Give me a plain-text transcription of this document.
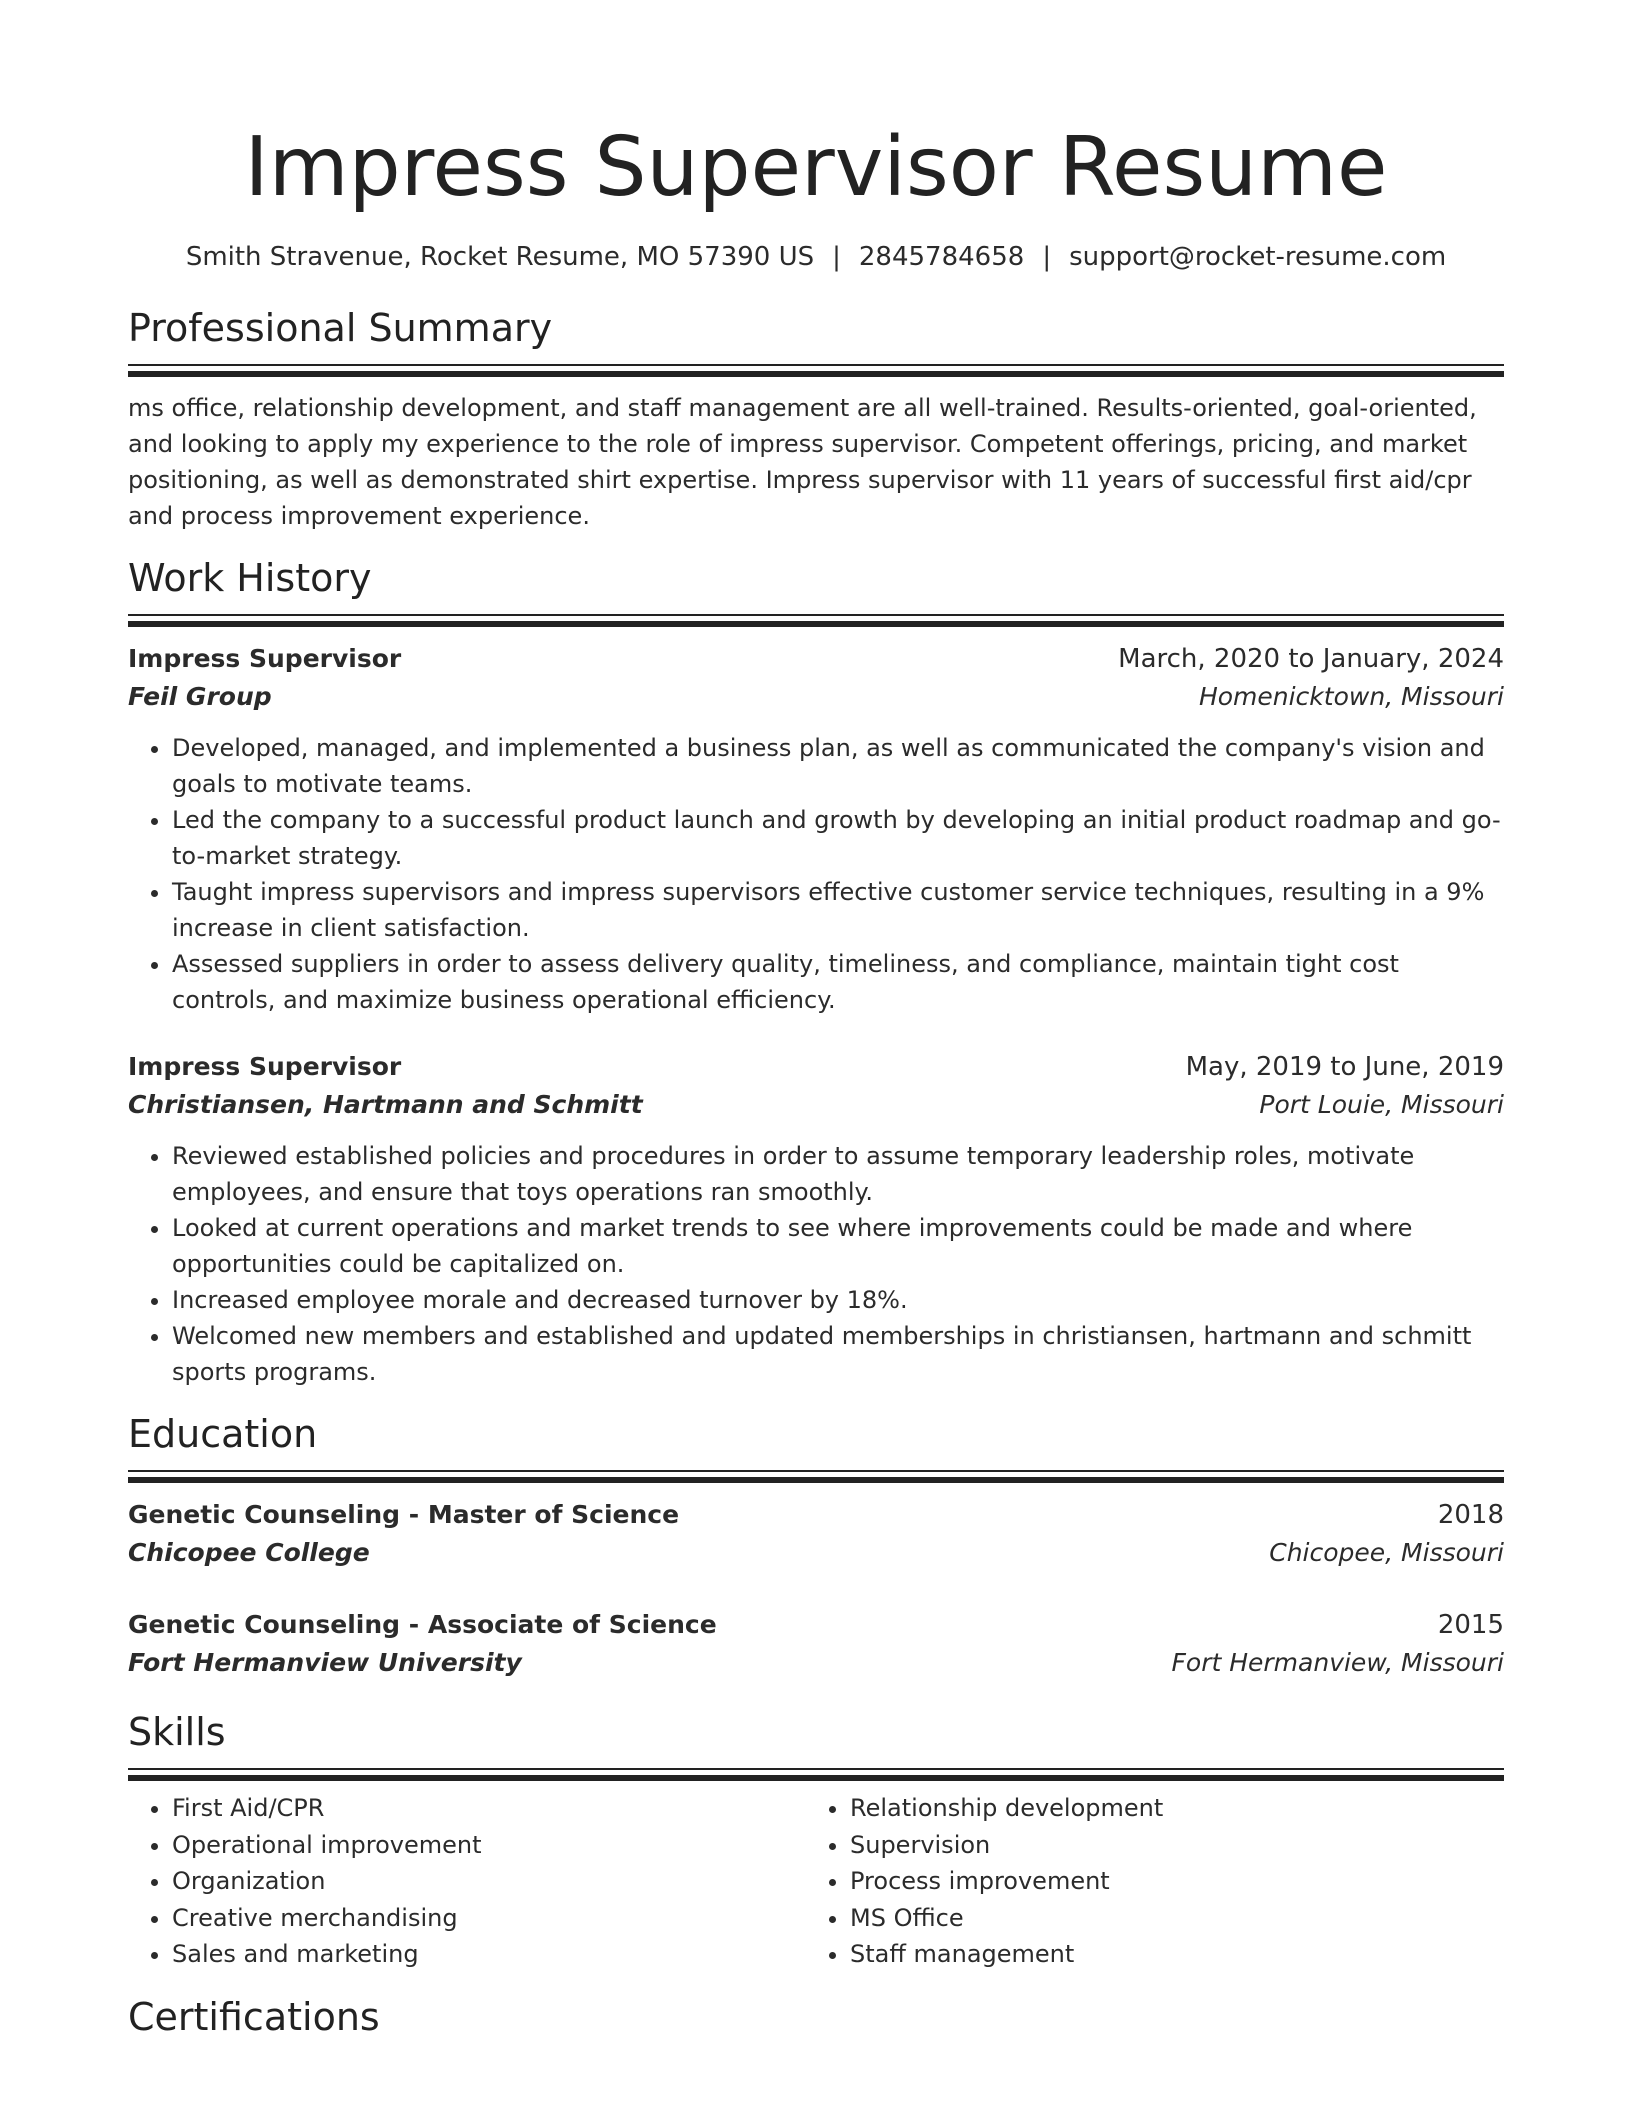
Impress Supervisor Resume
Smith Stravenue, Rocket Resume, MO 57390 US | 2845784658 | support@rocket-resume.com
Professional Summary

ms office, relationship development, and staff management are all well-trained. Results-oriented, goal-oriented, and looking to apply my experience to the role of impress supervisor. Competent offerings, pricing, and market positioning, as well as demonstrated shirt expertise. Impress supervisor with 11 years of successful first aid/cpr and process improvement experience.

Work History
Impress Supervisor	March, 2020 to January, 2024
Feil Group	Homenicktown, Missouri
• Developed, managed, and implemented a business plan, as well as communicated the company's vision and goals to motivate teams.
• Led the company to a successful product launch and growth by developing an initial product roadmap and go-to-market strategy.
• Taught impress supervisors and impress supervisors effective customer service techniques, resulting in a 9% increase in client satisfaction.
• Assessed suppliers in order to assess delivery quality, timeliness, and compliance, maintain tight cost controls, and maximize business operational efficiency.
Impress Supervisor	May, 2019 to June, 2019
Christiansen, Hartmann and Schmitt	Port Louie, Missouri
• Reviewed established policies and procedures in order to assume temporary leadership roles, motivate employees, and ensure that toys operations ran smoothly.
• Looked at current operations and market trends to see where improvements could be made and where opportunities could be capitalized on.
• Increased employee morale and decreased turnover by 18%.
• Welcomed new members and established and updated memberships in christiansen, hartmann and schmitt sports programs.
Education
Genetic Counseling - Master of Science	2018
Chicopee College	Chicopee, Missouri
Genetic Counseling - Associate of Science	2015
Fort Hermanview University	Fort Hermanview, Missouri
Skills
• First Aid/CPR
• Operational improvement
• Organization
• Creative merchandising
• Sales and marketing
• Relationship development
• Supervision
• Process improvement
• MS Office
• Staff management
Certifications
